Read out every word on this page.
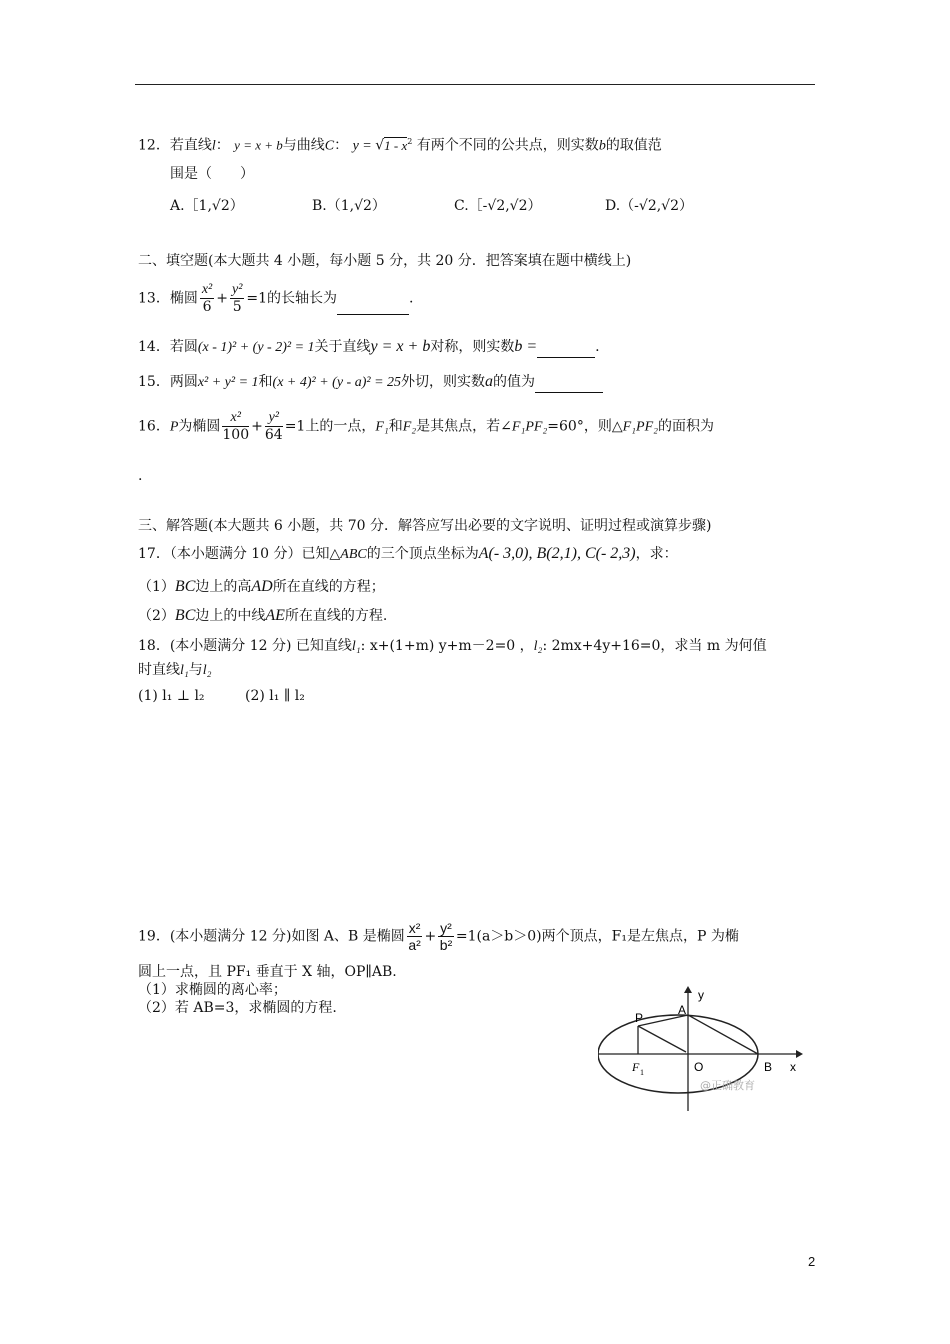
12．若直线l： y = x + b与曲线C： $y = √1 - x^2$ 有两个不同的公共点，则实数b的取值范
围是（　　）
A.［1,√2）	B.（1,√2）	C.［-√2,√2）	D.（-√2,√2）
二、填空题(本大题共 4 小题，每小题 5 分，共 20 分．把答案填在题中横线上)
13．椭圆 $\frac{\text{x²}}{6} + \frac{\text{y²}}{5} =1$的长轴长为	.
14．若圆(x - 1)² + (y - 2)² = 1关于直线y = x + b对称，则实数b =	.
15．两圆x² + y² = 1和(x + 4)² + (y - a)² = 25外切，则实数a的值为
16．P为椭圆 $\frac{\text{x²}}{100} + \frac{\text{y²}}{64} =1$上的一点，F₁和F₂是其焦点，若∠F₁PF₂=60°，则△F₁PF₂的面积为
.
三、解答题(本大题共 6 小题，共 70 分．解答应写出必要的文字说明、证明过程或演算步骤)
17．（本小题满分 10 分）已知△ABC的三个顶点坐标为A(- 3,0), B(2,1), C(- 2,3)，求：
（1）BC边上的高AD所在直线的方程；
（2）BC边上的中线AE所在直线的方程.
18．(本小题满分 12 分) 已知直线l₁: x+(1+m) y+m－2=0 ，l₂: 2mx+4y+16=0，求当 m 为何值
时直线l₁与l₂
(1) l₁ ⊥ l₂	(2) l₁ ∥ l₂
19．(本小题满分 12 分)如图 A、B 是椭圆 $\frac{\text{x²}}{\text{a²}} + \frac{\text{y²}}{\text{b²}} =1(a>b>0)$两个顶点，F₁是左焦点，P 为椭
圆上一点，且 PF₁ 垂直于 X 轴，OP∥AB.
（1）求椭圆的离心率；
（2）若 AB=3，求椭圆的方程.
P
A
y
F 1	O	B x
@正确教育
2
